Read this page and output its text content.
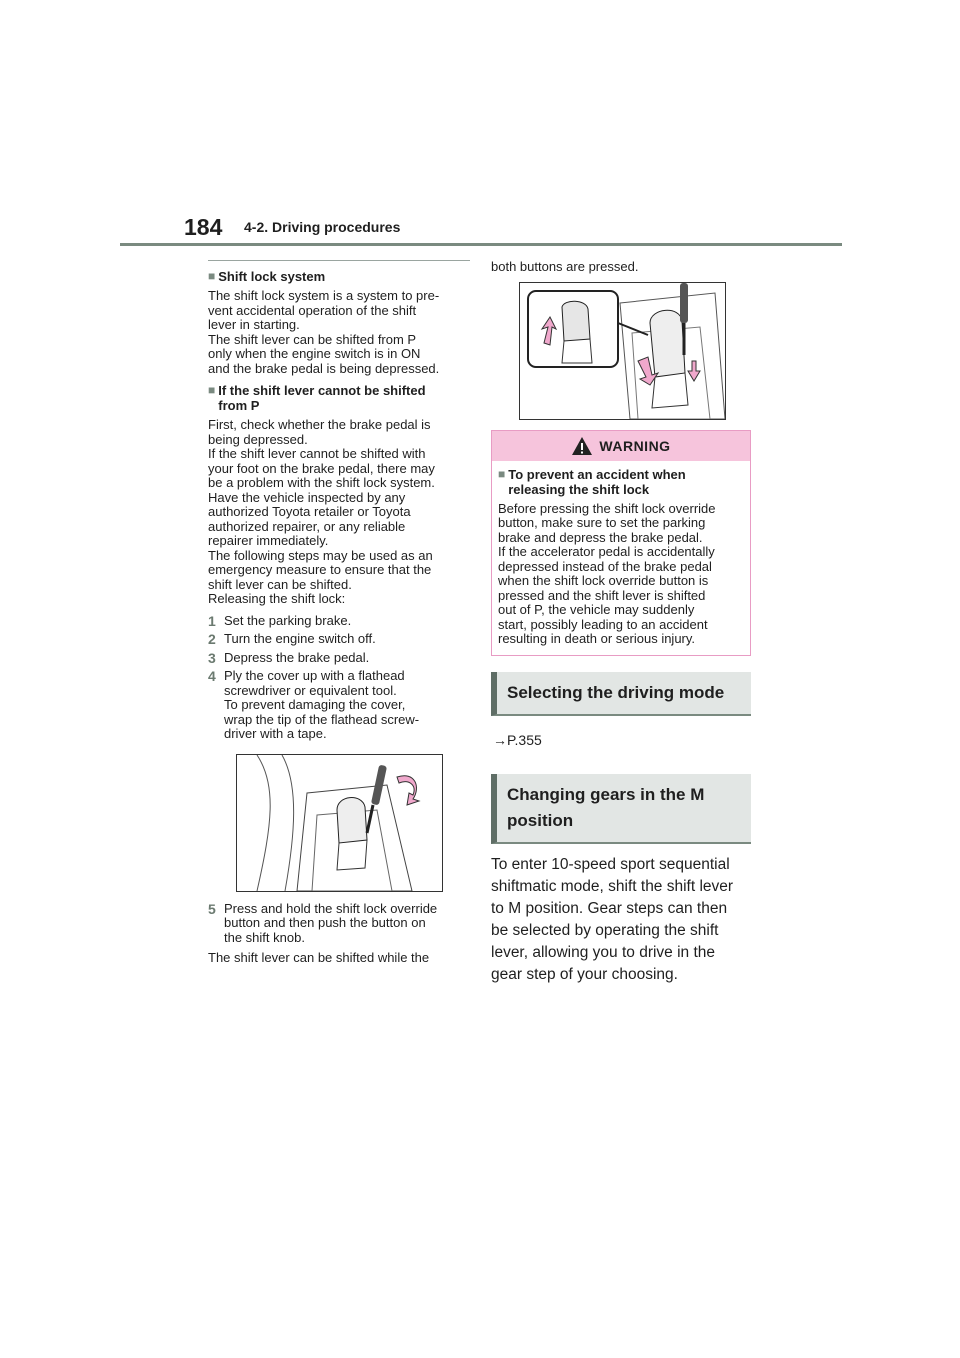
184 4-2. Driving procedures
■ Shift lock system
The shift lock system is a system to pre-
vent accidental operation of the shift
lever in starting.
The shift lever can be shifted from P
only when the engine switch is in ON
and the brake pedal is being depressed.
■ If the shift lever cannot be shifted
from P
First, check whether the brake pedal is
being depressed.
If the shift lever cannot be shifted with
your foot on the brake pedal, there may
be a problem with the shift lock system.
Have the vehicle inspected by any
authorized Toyota retailer or Toyota
authorized repairer, or any reliable
repairer immediately.
The following steps may be used as an
emergency measure to ensure that the
shift lever can be shifted.
Releasing the shift lock:
1 Set the parking brake.
2 Turn the engine switch off.
3 Depress the brake pedal.
4 Ply the cover up with a flathead
screwdriver or equivalent tool.
To prevent damaging the cover,
wrap the tip of the flathead screw-
driver with a tape.
5 Press and hold the shift lock override
button and then push the button on
the shift knob.
The shift lever can be shifted while the
both buttons are pressed.
WARNING
■ To prevent an accident when
releasing the shift lock
Before pressing the shift lock override
button, make sure to set the parking
brake and depress the brake pedal.
If the accelerator pedal is accidentally
depressed instead of the brake pedal
when the shift lock override button is
pressed and the shift lever is shifted
out of P, the vehicle may suddenly
start, possibly leading to an accident
resulting in death or serious injury.
Selecting the driving mode
→P.355
Changing gears in the M
position
To enter 10-speed sport sequential
shiftmatic mode, shift the shift lever
to M position. Gear steps can then
be selected by operating the shift
lever, allowing you to drive in the
gear step of your choosing.
